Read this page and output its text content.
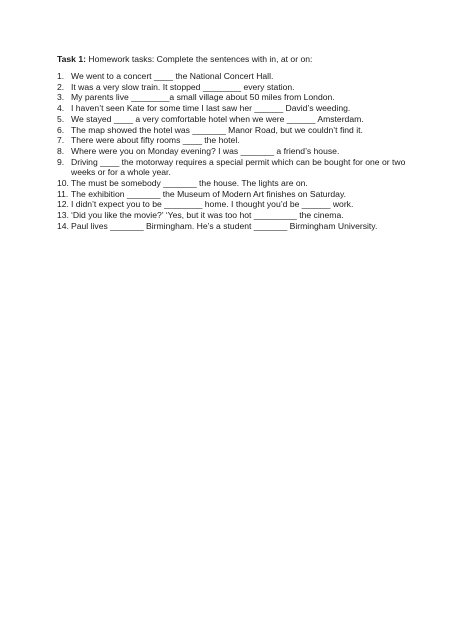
Task 1: Homework tasks: Complete the sentences with in, at or on:
1. We went to a concert ____ the National Concert Hall.
2. It was a very slow train. It stopped ________ every station.
3. My parents live ________a small village about 50 miles from London.
4. I haven’t seen Kate for some time I last saw her ______ David’s weeding.
5. We stayed ____ a very comfortable hotel when we were ______ Amsterdam.
6. The map showed the hotel was _______ Manor Road, but we couldn’t find it.
7. There were about fifty rooms ____ the hotel.
8. Where were you on Monday evening? I was _______ a friend’s house.
9. Driving ____ the motorway requires a special permit which can be bought for one or two weeks or for a whole year.
10. The must be somebody _______ the house. The lights are on.
11. The exhibition _______ the Museum of Modern Art finishes on Saturday.
12. I didn’t expect you to be ________ home. I thought you’d be ______ work.
13. ‘Did you like the movie?’ ‘Yes, but it was too hot _________ the cinema.
14. Paul lives _______ Birmingham. He’s a student _______ Birmingham University.
